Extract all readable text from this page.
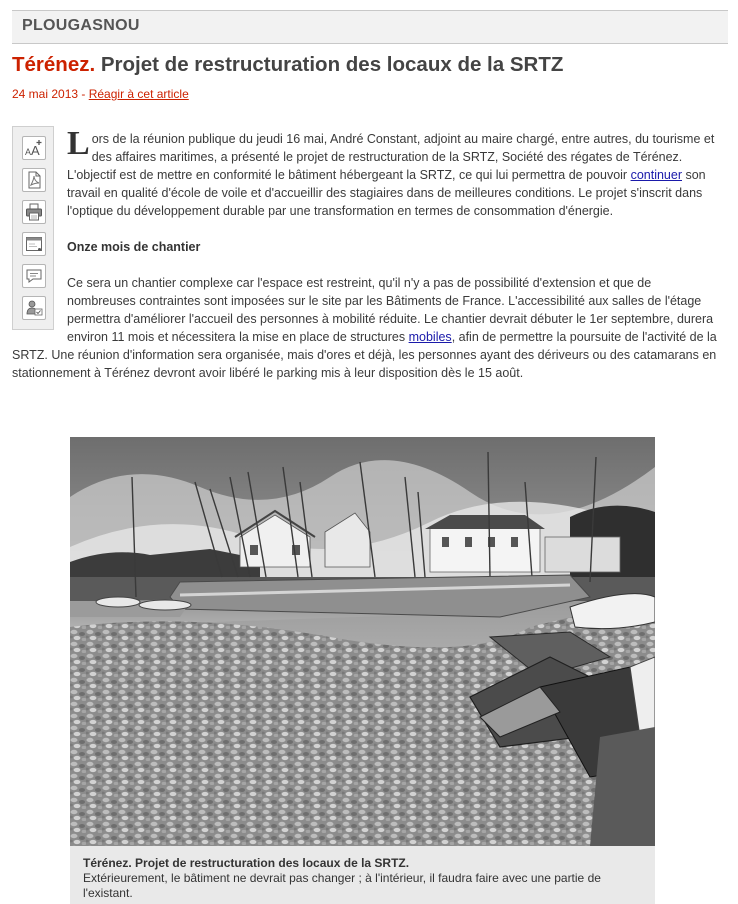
PLOUGASNOU
Térénez. Projet de restructuration des locaux de la SRTZ
24 mai 2013 - Réagir à cet article
A A Lors de la réunion publique du jeudi 16 mai, André Constant, adjoint au maire chargé, entre autres, du tourisme et des affaires maritimes, a présenté le projet de restructuration de la SRTZ, Société des régates de Térénez. L'objectif est de mettre en conformité le bâtiment hébergeant la SRTZ, ce qui lui permettra de pouvoir continuer son travail en qualité d'école de voile et d'accueillir des stagiaires dans de meilleures conditions. Le projet s'inscrit dans l'optique du développement durable par une transformation en termes de consommation d'énergie.

Onze mois de chantier

Ce sera un chantier complexe car l'espace est restreint, qu'il n'y a pas de possibilité d'extension et que de nombreuses contraintes sont imposées sur le site par les Bâtiments de France. L'accessibilité aux salles de l'étage permettra d'améliorer l'accueil des personnes à mobilité réduite. Le chantier devrait débuter le 1er septembre, durera environ 11 mois et nécessitera la mise en place de structures mobiles, afin de permettre la poursuite de l'activité de la SRTZ. Une réunion d'information sera organisée, mais d'ores et déjà, les personnes ayant des dériveurs ou des catamarans en stationnement à Térénez devront avoir libéré le parking mis à leur disposition dès le 15 août.

Térénez. Projet de restructuration des locaux de la SRTZ.
Extérieurement, le bâtiment ne devrait pas changer ; à l'intérieur, il faudra faire avec une partie de l'existant.
